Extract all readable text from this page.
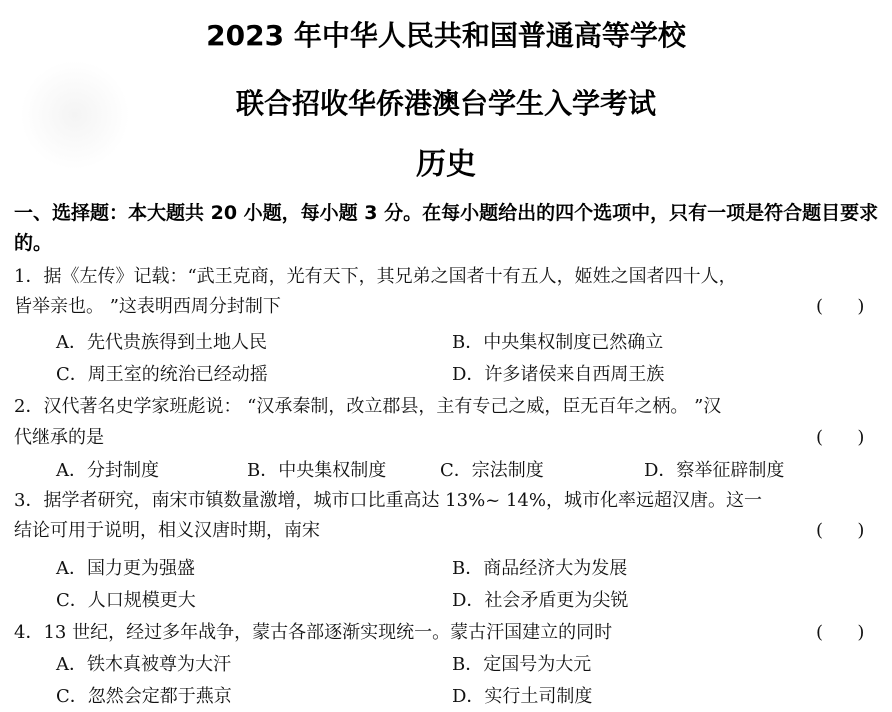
2023 年中华人民共和国普通高等学校
联合招收华侨港澳台学生入学考试
历史
一、选择题：本大题共 20 小题，每小题 3 分。在每小题给出的四个选项中，只有一项是符合题目要求的。
1．据《左传》记载：“武王克商，光有天下，其兄弟之国者十有五人，姬姓之国者四十人，
皆举亲也。 ”这表明西周分封制下	(      )
A．先代贵族得到土地人民	B．中央集权制度已然确立
C．周王室的统治已经动摇	D．许多诸侯来自西周王族
2．汉代著名史学家班彪说： “汉承秦制，改立郡县，主有专己之威，臣无百年之柄。 ”汉
代继承的是	(      )
A．分封制度	B．中央集权制度	C．宗法制度	D．察举征辟制度
3．据学者研究，南宋市镇数量激增，城市口比重高达 13%~ 14%，城市化率远超汉唐。这一
结论可用于说明，相义汉唐时期，南宋	(      )
A．国力更为强盛	B．商品经济大为发展
C．人口规模更大	D．社会矛盾更为尖锐
4．13 世纪，经过多年战争，蒙古各部逐渐实现统一。蒙古汗国建立的同时	(      )
A．铁木真被尊为大汗	B．定国号为大元
C．忽然会定都于燕京	D．实行土司制度
